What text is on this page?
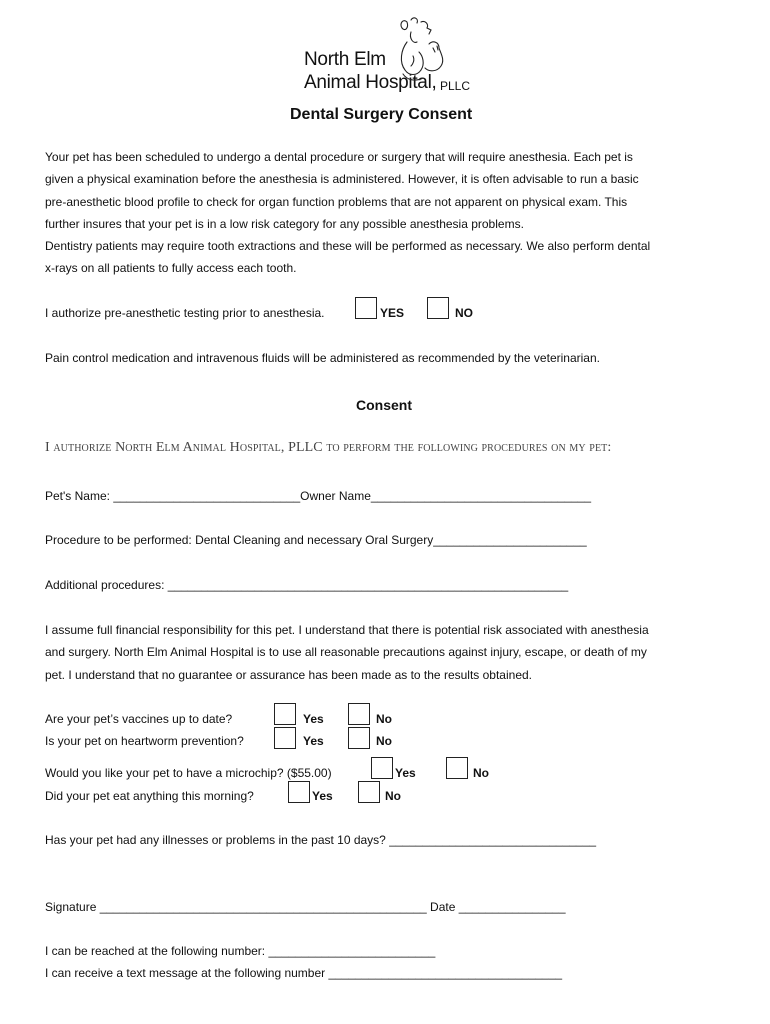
North Elm
Animal Hospital, PLLC
Dental Surgery Consent
Your pet has been scheduled to undergo a dental procedure or surgery that will require anesthesia. Each pet is
given a physical examination before the anesthesia is administered. However, it is often advisable to run a basic
pre-anesthetic blood profile to check for organ function problems that are not apparent on physical exam. This
further insures that your pet is in a low risk category for any possible anesthesia problems.
Dentistry patients may require tooth extractions and these will be performed as necessary. We also perform dental
x-rays on all patients to fully access each tooth.
I authorize pre-anesthetic testing prior to anesthesia.	YES	NO
Pain control medication and intravenous fluids will be administered as recommended by the veterinarian.
Consent
I authorize North Elm Animal Hospital, PLLC to perform the following procedures on my pet:
Pet's Name: ____________________________Owner Name_________________________________
Procedure to be performed: Dental Cleaning and necessary Oral Surgery_______________________
Additional procedures: ____________________________________________________________
I assume full financial responsibility for this pet. I understand that there is potential risk associated with anesthesia
and surgery. North Elm Animal Hospital is to use all reasonable precautions against injury, escape, or death of my
pet. I understand that no guarantee or assurance has been made as to the results obtained.
Are your pet’s vaccines up to date?	Yes	No
Is your pet on heartworm prevention?	Yes	No
Would you like your pet to have a microchip? ($55.00)	Yes	No
Did your pet eat anything this morning?	Yes	No
Has your pet had any illnesses or problems in the past 10 days? _______________________________
Signature _________________________________________________ Date ________________
I can be reached at the following number: _________________________
I can receive a text message at the following number ___________________________________
